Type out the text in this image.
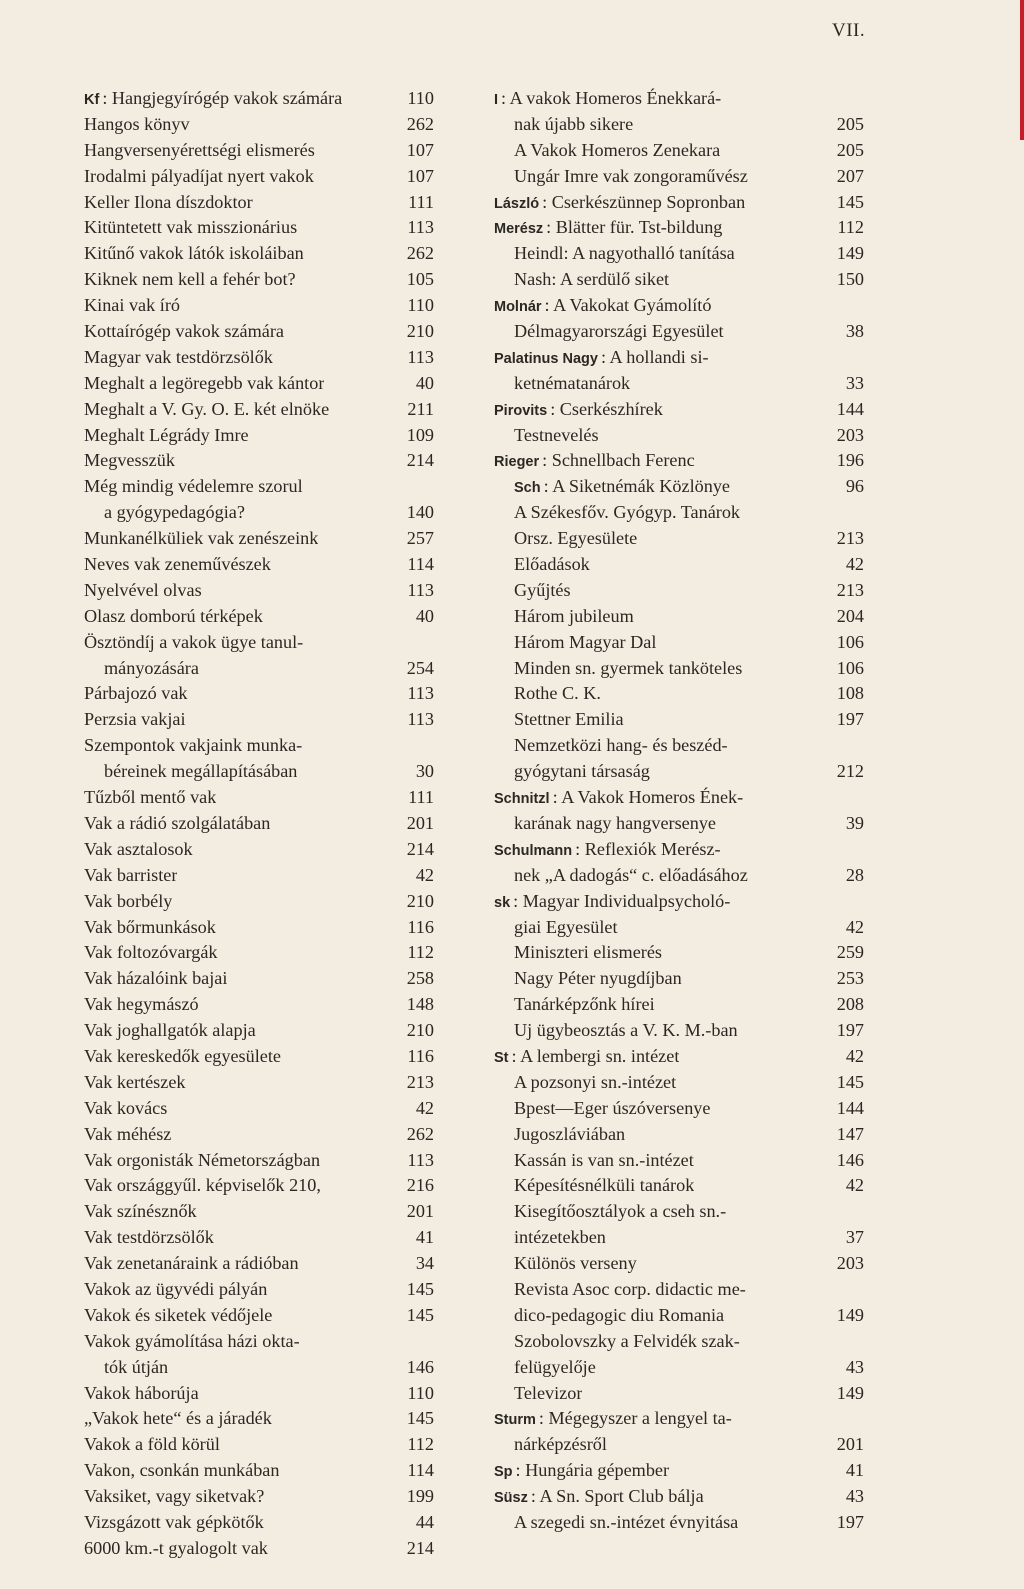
VII.
Kf : Hangjegyírógép vakok számára	110
Hangos könyv	262
Hangversenyérettségi elismerés	107
Irodalmi pályadíjat nyert vakok	107
Keller Ilona díszdoktor	111
Kitüntetett vak misszionárius	113
Kitűnő vakok látók iskoláiban	262
Kiknek nem kell a fehér bot?	105
Kinai vak író	110
Kottaírógép vakok számára	210
Magyar vak testdörzsölők	113
Meghalt a legöregebb vak kántor	40
Meghalt a V. Gy. O. E. két elnöke	211
Meghalt Légrády Imre	109
Megvesszük	214
Még mindig védelemre szorul
a gyógypedagógia?	140
Munkanélküliek vak zenészeink	257
Neves vak zeneművészek	114
Nyelvével olvas	113
Olasz domború térképek	40
Ösztöndíj a vakok ügye tanul-
mányozására	254
Párbajozó vak	113
Perzsia vakjai	113
Szempontok vakjaink munka-
béreinek megállapításában	30
Tűzből mentő vak	111
Vak a rádió szolgálatában	201
Vak asztalosok	214
Vak barrister	42
Vak borbély	210
Vak bőrmunkások	116
Vak foltozóvargák	112
Vak házalóink bajai	258
Vak hegymászó	148
Vak joghallgatók alapja	210
Vak kereskedők egyesülete	116
Vak kertészek	213
Vak kovács	42
Vak méhész	262
Vak orgonisták Németországban	113
Vak országgyűl. képviselők 210,	216
Vak színésznők	201
Vak testdörzsölők	41
Vak zenetanáraink a rádióban	34
Vakok az ügyvédi pályán	145
Vakok és siketek védőjele	145
Vakok gyámolítása házi okta-
tók útján	146
Vakok háborúja	110
„Vakok hete“ és a járadék	145
Vakok a föld körül	112
Vakon, csonkán munkában	114
Vaksiket, vagy siketvak?	199
Vizsgázott vak gépkötők	44
6000 km.-t gyalogolt vak	214
I : A vakok Homeros Énekkará-
nak újabb sikere	205
A Vakok Homeros Zenekara	205
Ungár Imre vak zongoraművész	207
László : Cserkészünnep Sopronban	145
Merész : Blätter für. Tst-bildung	112
Heindl: A nagyothalló tanítása	149
Nash: A serdülő siket	150
Molnár : A Vakokat Gyámolító
Délmagyarországi Egyesület	38
Palatinus Nagy : A hollandi si-
ketnématanárok	33
Pirovits : Cserkészhírek	144
Testnevelés	203
Rieger : Schnellbach Ferenc	196
Sch : A Siketnémák Közlönye	96
A Székesfőv. Gyógyp. Tanárok
Orsz. Egyesülete	213
Előadások	42
Gyűjtés	213
Három jubileum	204
Három Magyar Dal	106
Minden sn. gyermek tanköteles	106
Rothe C. K.	108
Stettner Emilia	197
Nemzetközi hang- és beszéd-
gyógytani társaság	212
Schnitzl : A Vakok Homeros Ének-
karának nagy hangversenye	39
Schulmann : Reflexiók Merész-
nek „A dadogás“ c. előadásához	28
sk : Magyar Individualpsycholó-
giai Egyesület	42
Miniszteri elismerés	259
Nagy Péter nyugdíjban	253
Tanárképzőnk hírei	208
Uj ügybeosztás a V. K. M.-ban	197
St : A lembergi sn. intézet	42
A pozsonyi sn.-intézet	145
Bpest—Eger úszóversenye	144
Jugoszláviában	147
Kassán is van sn.-intézet	146
Képesítésnélküli tanárok	42
Kisegítőosztályok a cseh sn.-
intézetekben	37
Különös verseny	203
Revista Asoc corp. didactic me-
dico-pedagogic diu Romania	149
Szobolovszky a Felvidék szak-
felügyelője	43
Televizor	149
Sturm : Mégegyszer a lengyel ta-
nárképzésről	201
Sp : Hungária gépember	41
Süsz : A Sn. Sport Club bálja	43
A szegedi sn.-intézet évnyitása	197
